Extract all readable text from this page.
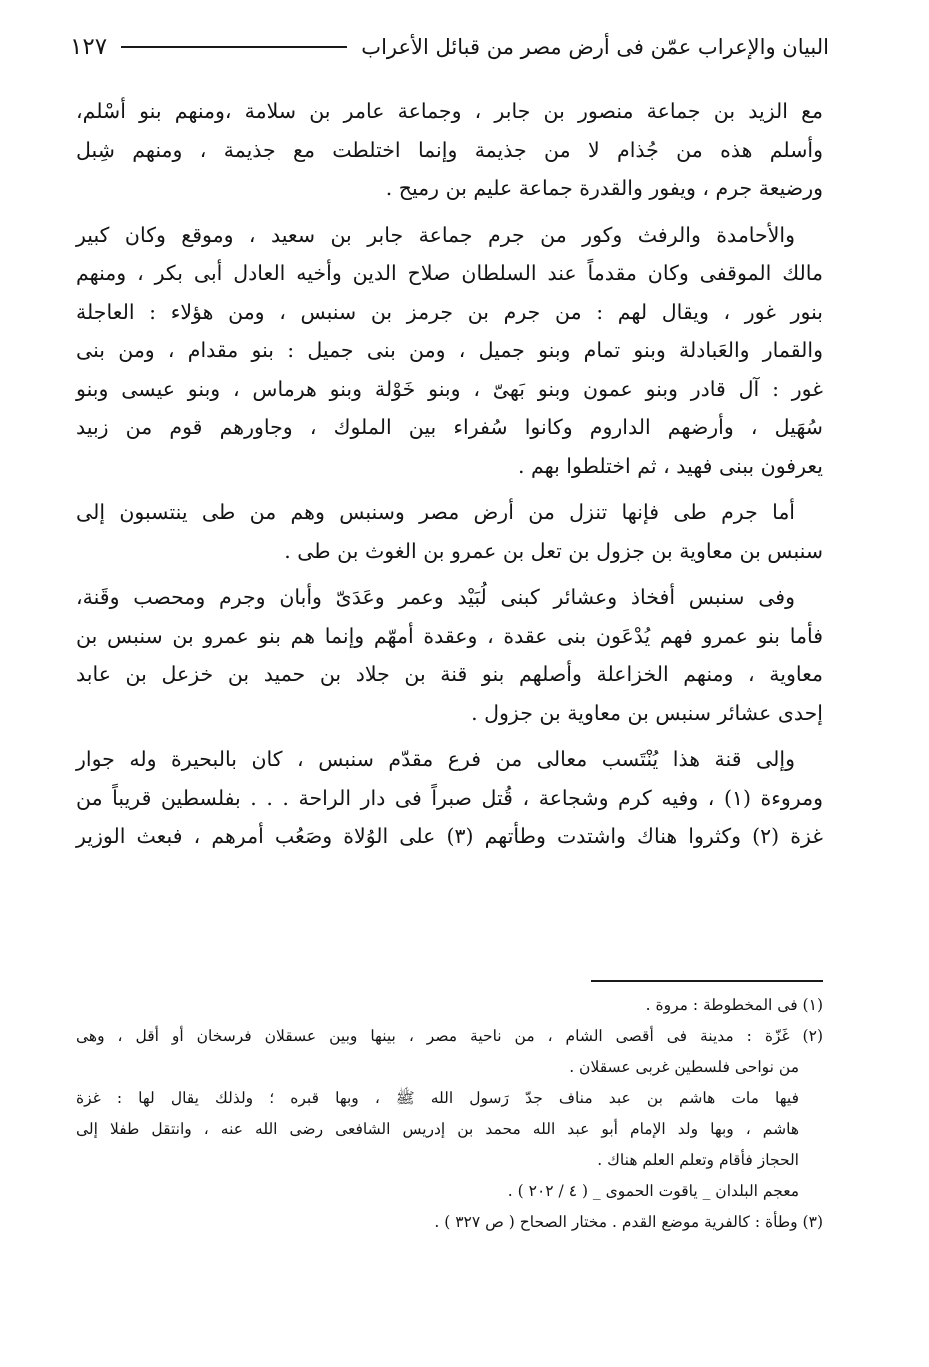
البيان والإعراب عمّن فى أرض مصر من قبائل الأعراب
١٢٧

مع الزيد بن جماعة منصور بن جابر ، وجماعة عامر بن سلامة ،ومنهم بنو أسْلم،
وأسلم هذه من جُذام لا من جذيمة وإنما اختلطت مع جذيمة ، ومنهم شِبل
ورضيعة جرم ، ويفور والقدرة جماعة عليم بن رميح .

والأحامدة والرفث وكور من جرم جماعة جابر بن سعيد ، وموقع وكان كبير
مالك الموقفى وكان مقدماً عند السلطان صلاح الدين وأخيه العادل أبى بكر ، ومنهم
بنور غور ، ويقال لهم : من جرم بن جرمز بن سنبس ، ومن هؤلاء : العاجلة
والقمار والعَبادلة وبنو تمام وبنو جميل ، ومن بنى جميل : بنو مقدام ، ومن بنى
غور : آل قادر وبنو عمون وبنو بَهىّ ، وبنو خَوْلة وبنو هرماس ، وبنو عيسى وبنو
سُهَيل ، وأرضهم الداروم وكانوا سُفراء بين الملوك ، وجاورهم قوم من زبيد
يعرفون ببنى فهيد ، ثم اختلطوا بهم .

أما جرم طى فإنها تنزل من أرض مصر وسنبس وهم من طى ينتسبون إلى
سنبس بن معاوية بن جزول بن تعل بن عمرو بن الغوث بن طى .

وفى سنبس أفخاذ وعشائر كبنى لُبَيْد وعمر وعَدَىّ وأبان وجرم ومحصب وقَنة،
فأما بنو عمرو فهم يُدْعَون بنى عقدة ، وعقدة أمهّم وإنما هم بنو عمرو بن سنبس بن
معاوية ، ومنهم الخزاعلة وأصلهم بنو قنة بن جلاد بن حميد بن خزعل بن عابد
إحدى عشائر سنبس بن معاوية بن جزول .

وإلى قنة هذا يُنْتَسب معالى من فرع مقدّم سنبس ، كان بالبحيرة وله جوار
ومروءة (١) ، وفيه كرم وشجاعة ، قُتل صبراً فى دار الراحة . . . بفلسطين قريباً من
غزة (٢) وكثروا هناك واشتدت وطأتهم (٣) على الوُلاة وصَعُب أمرهم ، فبعث الوزير

(١) فى المخطوطة : مروة .

(٢) غَزّة : مدينة فى أقصى الشام ، من ناحية مصر ، بينها وبين عسقلان فرسخان أو أقل ، وهى
من نواحى فلسطين غربى عسقلان .

فيها مات هاشم بن عبد مناف جدّ رَسول الله ﷺ ، وبها قبره ؛ ولذلك يقال لها : غزة
هاشم ، وبها ولد الإمام أبو عبد الله محمد بن إدريس الشافعى رضى الله عنه ، وانتقل طفلا إلى
الحجاز فأقام وتعلم العلم هناك .

معجم البلدان _ ياقوت الحموى _ ( ٤ / ٢٠٢ ) .

(٣) وطأة : كالفرية موضع القدم . مختار الصحاح ( ص ٣٢٧ ) .
